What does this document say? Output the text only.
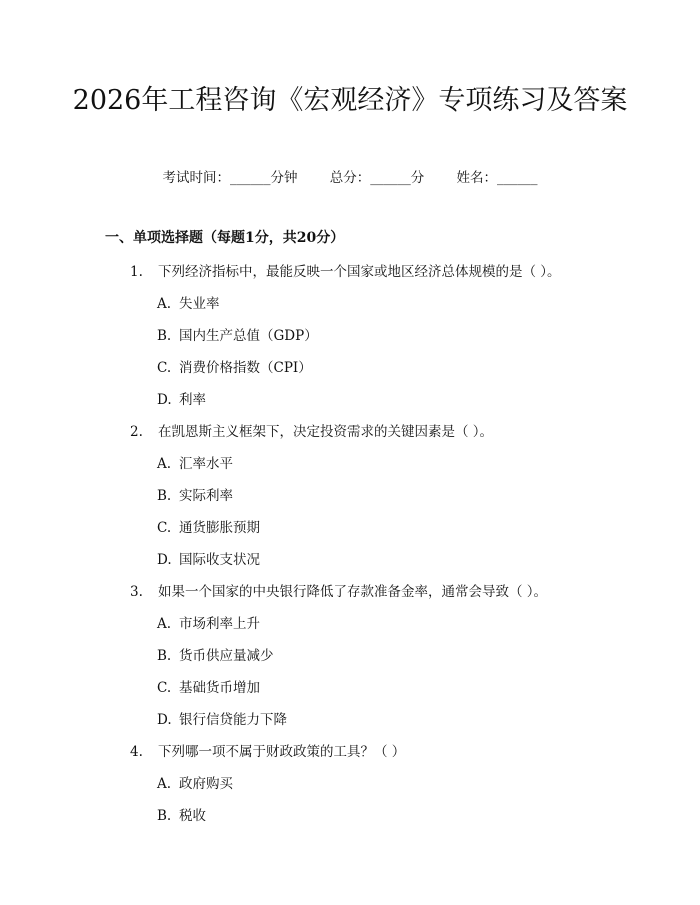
2026年工程咨询《宏观经济》专项练习及答案
考试时间：______分钟 总分：______分 姓名：______
一、单项选择题（每题1分，共20分）
1. 下列经济指标中，最能反映一个国家或地区经济总体规模的是（ ）。
A. 失业率
B. 国内生产总值（GDP）
C. 消费价格指数（CPI）
D. 利率
2. 在凯恩斯主义框架下，决定投资需求的关键因素是（ ）。
A. 汇率水平
B. 实际利率
C. 通货膨胀预期
D. 国际收支状况
3. 如果一个国家的中央银行降低了存款准备金率，通常会导致（ ）。
A. 市场利率上升
B. 货币供应量减少
C. 基础货币增加
D. 银行信贷能力下降
4. 下列哪一项不属于财政政策的工具？（ ）
A. 政府购买
B. 税收
